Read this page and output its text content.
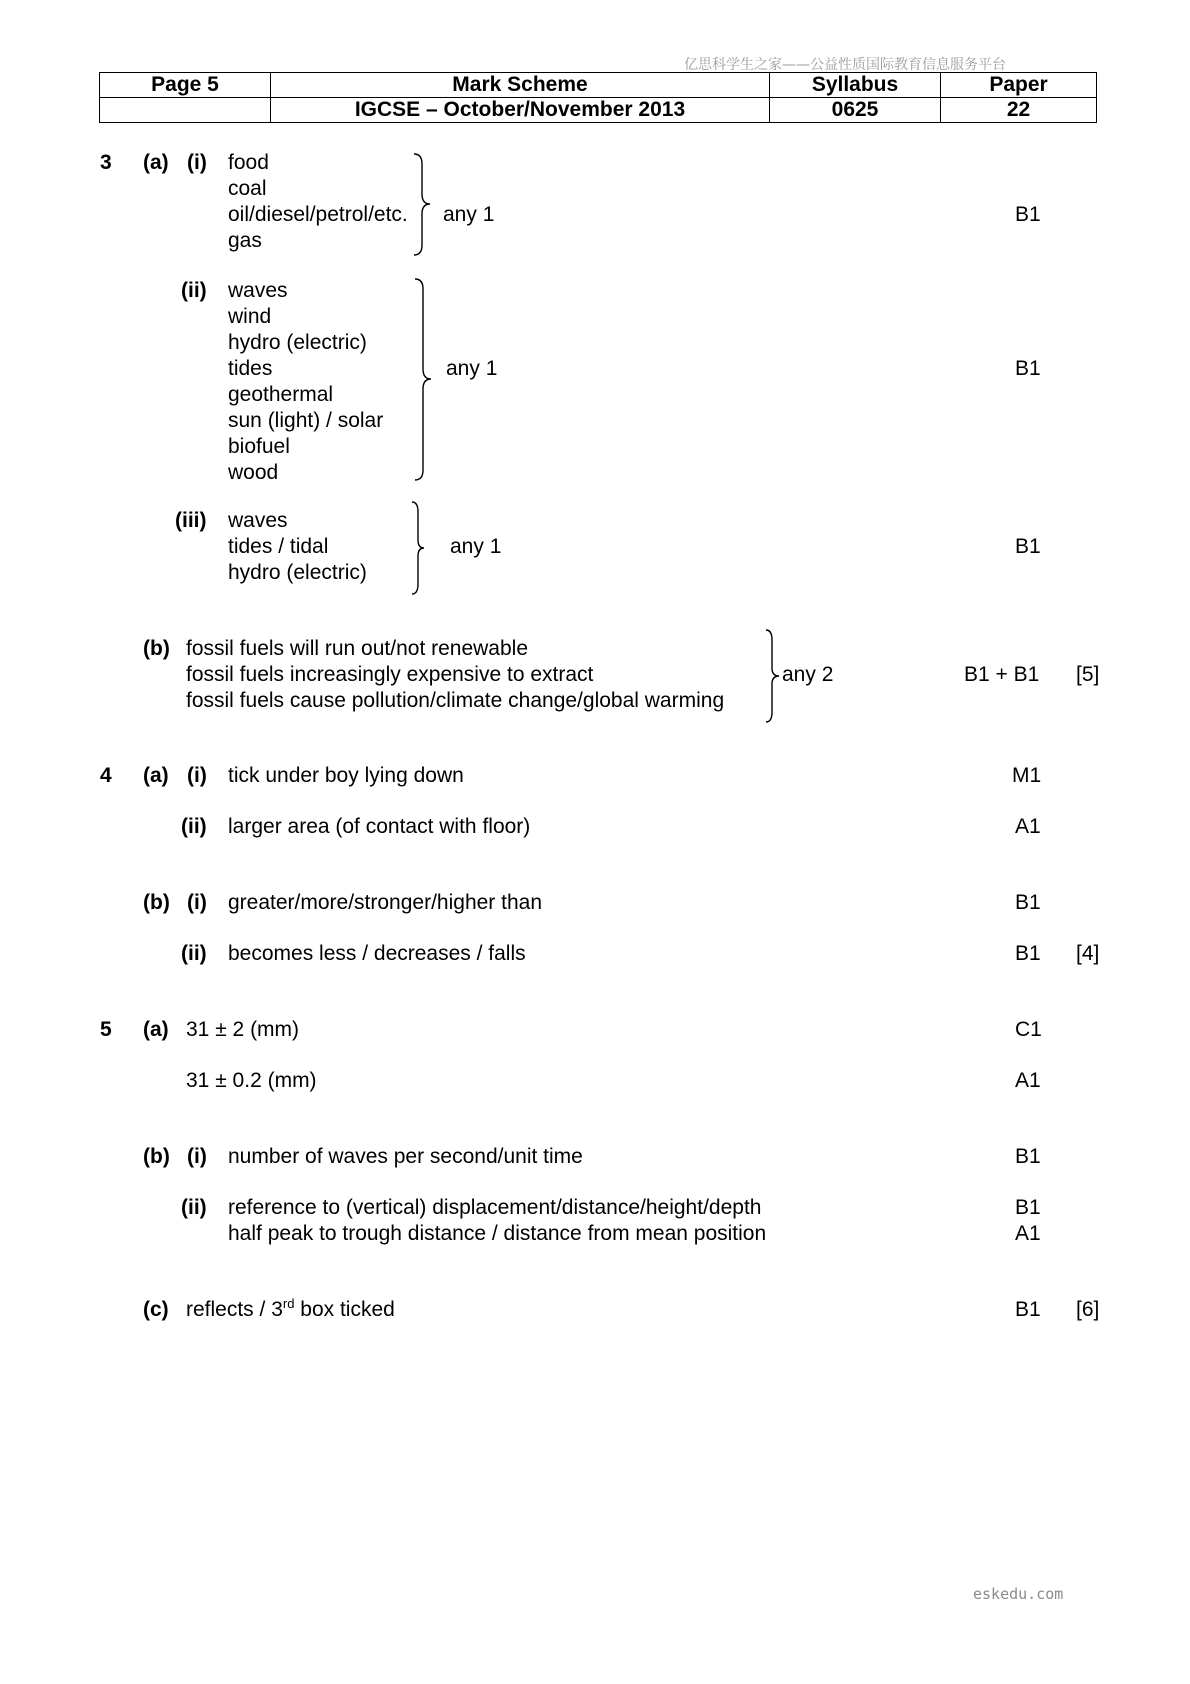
亿思科学生之家——公益性质国际教育信息服务平台
Page 5	Mark Scheme	Syllabus	Paper
	IGCSE – October/November 2013	0625	22
3 (a) (i) food
coal
oil/diesel/petrol/etc.
gas
any 1	B1
(ii) waves
wind
hydro (electric)
tides
geothermal
sun (light) / solar
biofuel
wood
any 1	B1
(iii) waves
tides / tidal
hydro (electric)
any 1	B1
(b) fossil fuels will run out/not renewable
fossil fuels increasingly expensive to extract
fossil fuels cause pollution/climate change/global warming
any 2	B1 + B1 [5]
4 (a) (i) tick under boy lying down	M1
(ii) larger area (of contact with floor)	A1
(b) (i) greater/more/stronger/higher than	B1
(ii) becomes less / decreases / falls	B1 [4]
5 (a) 31 ± 2 (mm)	C1
31 ± 0.2 (mm)	A1
(b) (i) number of waves per second/unit time	B1
(ii) reference to (vertical) displacement/distance/height/depth	B1
half peak to trough distance / distance from mean position	A1
(c) reflects / 3rd box ticked	B1 [6]
eskedu.com
